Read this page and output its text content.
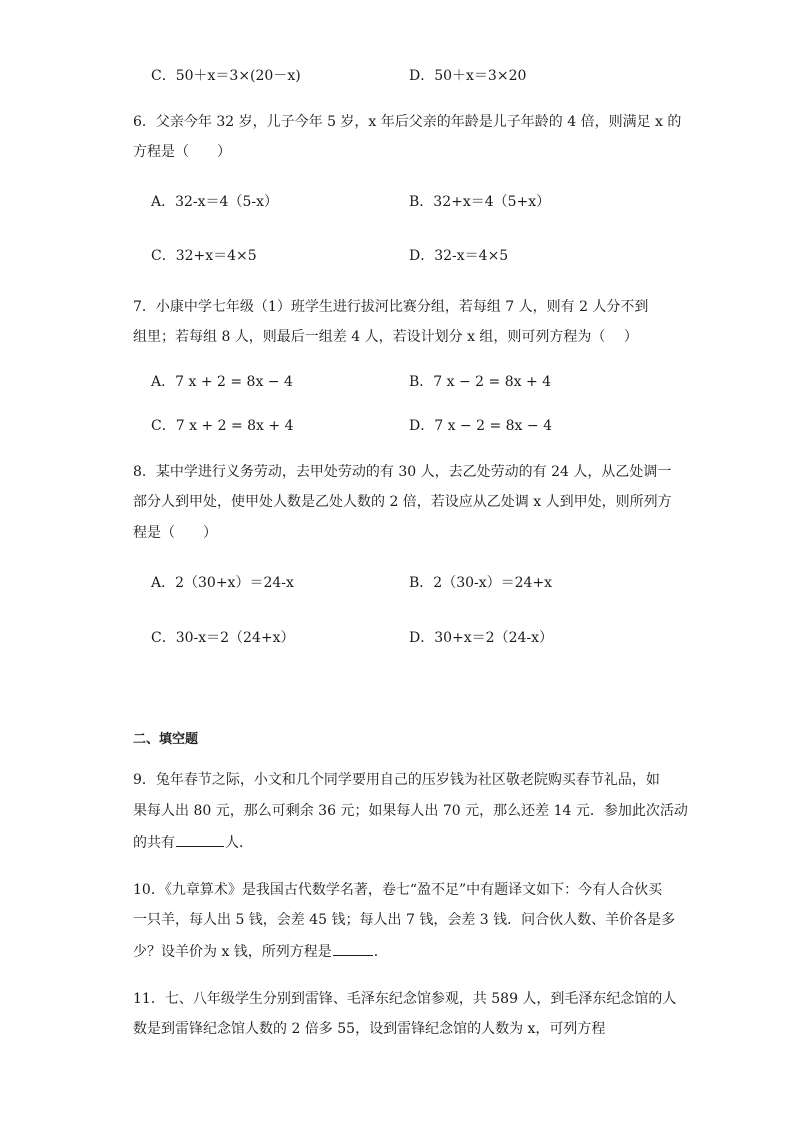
C．50＋x＝3×(20－x)	D．50＋x＝3×20
6．父亲今年 32 岁，儿子今年 5 岁，x 年后父亲的年龄是儿子年龄的 4 倍，则满足 x 的
方程是（　　）
A．32-x＝4（5-x）	B．32+x＝4（5+x）
C．32+x＝4×5	D．32-x＝4×5
7．小康中学七年级（1）班学生进行拔河比赛分组，若每组 7 人，则有 2 人分不到
组里；若每组 8 人，则最后一组差 4 人，若设计划分 x 组，则可列方程为（　 ）
A．7 x + 2 = 8x − 4	B．7 x − 2 = 8x + 4
C．7 x + 2 = 8x + 4	D．7 x − 2 = 8x − 4
8．某中学进行义务劳动，去甲处劳动的有 30 人，去乙处劳动的有 24 人，从乙处调一
部分人到甲处，使甲处人数是乙处人数的 2 倍，若设应从乙处调 x 人到甲处，则所列方
程是（　　）
A．2（30+x）＝24-x	B．2（30-x）＝24+x
C．30-x＝2（24+x）	D．30+x＝2（24-x）
二、填空题
9．兔年春节之际，小文和几个同学要用自己的压岁钱为社区敬老院购买春节礼品，如
果每人出 80 元，那么可剩余 36 元；如果每人出 70 元，那么还差 14 元．参加此次活动
的共有	人．
10．《九章算术》是我国古代数学名著，卷七“盈不足”中有题译文如下：今有人合伙买
一只羊，每人出 5 钱，会差 45 钱；每人出 7 钱，会差 3 钱．问合伙人数、羊价各是多
少？设羊价为 x 钱，所列方程是	．
11．七、八年级学生分别到雷锋、毛泽东纪念馆参观，共 589 人，到毛泽东纪念馆的人
数是到雷锋纪念馆人数的 2 倍多 55，设到雷锋纪念馆的人数为 x，可列方程
